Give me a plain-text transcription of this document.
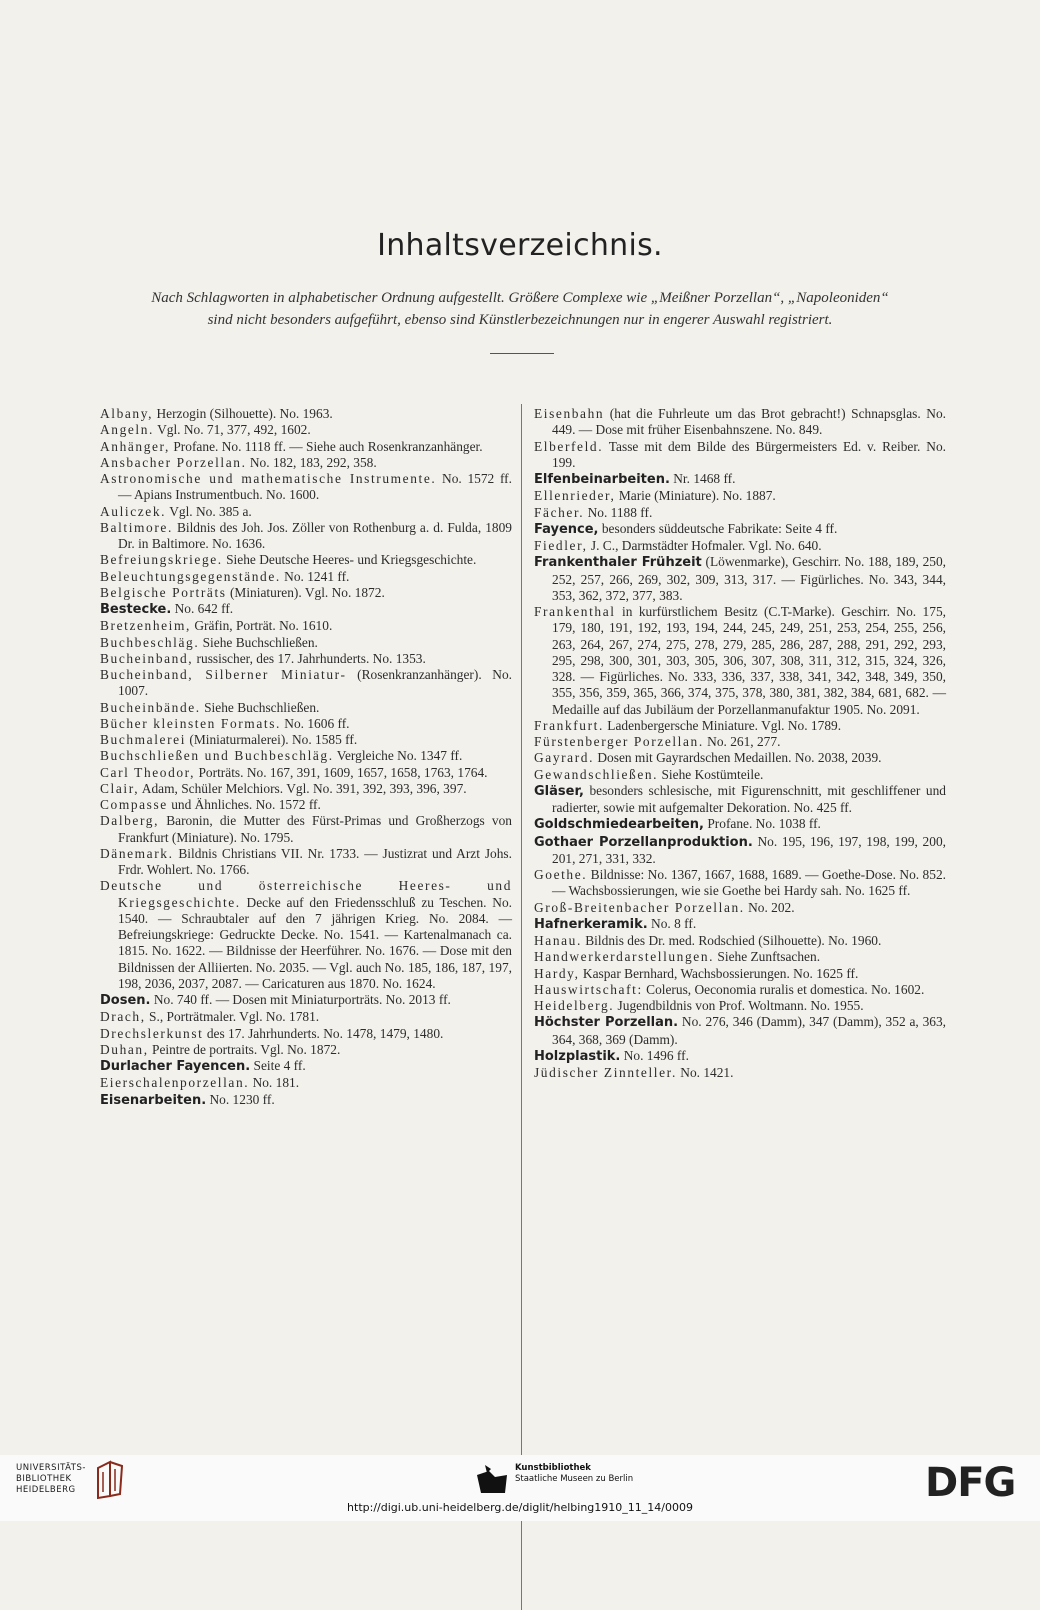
Inhaltsverzeichnis.
Nach Schlagworten in alphabetischer Ordnung aufgestellt. Größere Complexe wie „Meißner Porzellan“, „Napoleoniden“
sind nicht besonders aufgeführt, ebenso sind Künstlerbezeichnungen nur in engerer Auswahl registriert.
Albany, Herzogin (Silhouette). No. 1963.
Angeln. Vgl. No. 71, 377, 492, 1602.
Anhänger, Profane. No. 1118 ff. — Siehe auch Rosenkranzanhänger.
Ansbacher Porzellan. No. 182, 183, 292, 358.
Astronomische und mathematische Instrumente. No. 1572 ff. — Apians Instrumentbuch. No. 1600.
Auliczek. Vgl. No. 385 a.
Baltimore. Bildnis des Joh. Jos. Zöller von Rothenburg a. d. Fulda, 1809 Dr. in Baltimore. No. 1636.
Befreiungskriege. Siehe Deutsche Heeres- und Kriegsgeschichte.
Beleuchtungsgegenstände. No. 1241 ff.
Belgische Porträts (Miniaturen). Vgl. No. 1872.
Bestecke. No. 642 ff.
Bretzenheim, Gräfin, Porträt. No. 1610.
Buchbeschläg. Siehe Buchschließen.
Bucheinband, russischer, des 17. Jahrhunderts. No. 1353.
Bucheinband, Silberner Miniatur- (Rosenkranzanhänger). No. 1007.
Bucheinbände. Siehe Buchschließen.
Bücher kleinsten Formats. No. 1606 ff.
Buchmalerei (Miniaturmalerei). No. 1585 ff.
Buchschließen und Buchbeschläg. Vergleiche No. 1347 ff.
Carl Theodor, Porträts. No. 167, 391, 1609, 1657, 1658, 1763, 1764.
Clair, Adam, Schüler Melchiors. Vgl. No. 391, 392, 393, 396, 397.
Compasse und Ähnliches. No. 1572 ff.
Dalberg, Baronin, die Mutter des Fürst-Primas und Großherzogs von Frankfurt (Miniature). No. 1795.
Dänemark. Bildnis Christians VII. Nr. 1733. — Justizrat und Arzt Johs. Frdr. Wohlert. No. 1766.
Deutsche und österreichische Heeres- und Kriegsgeschichte. Decke auf den Friedensschluß zu Teschen. No. 1540. — Schraubtaler auf den 7 jährigen Krieg. No. 2084. — Befreiungskriege: Gedruckte Decke. No. 1541. — Kartenalmanach ca. 1815. No. 1622. — Bildnisse der Heerführer. No. 1676. — Dose mit den Bildnissen der Alliierten. No. 2035. — Vgl. auch No. 185, 186, 187, 197, 198, 2036, 2037, 2087. — Caricaturen aus 1870. No. 1624.
Dosen. No. 740 ff. — Dosen mit Miniaturporträts. No. 2013 ff.
Drach, S., Porträtmaler. Vgl. No. 1781.
Drechslerkunst des 17. Jahrhunderts. No. 1478, 1479, 1480.
Duhan, Peintre de portraits. Vgl. No. 1872.
Durlacher Fayencen. Seite 4 ff.
Eierschalenporzellan. No. 181.
Eisenarbeiten. No. 1230 ff.
Eisenbahn (hat die Fuhrleute um das Brot gebracht!) Schnapsglas. No. 449. — Dose mit früher Eisenbahnszene. No. 849.
Elberfeld. Tasse mit dem Bilde des Bürgermeisters Ed. v. Reiber. No. 199.
Elfenbeinarbeiten. Nr. 1468 ff.
Ellenrieder, Marie (Miniature). No. 1887.
Fächer. No. 1188 ff.
Fayence, besonders süddeutsche Fabrikate: Seite 4 ff.
Fiedler, J. C., Darmstädter Hofmaler. Vgl. No. 640.
Frankenthaler Frühzeit (Löwenmarke), Geschirr. No. 188, 189, 250, 252, 257, 266, 269, 302, 309, 313, 317. — Figürliches. No. 343, 344, 353, 362, 372, 377, 383.
Frankenthal in kurfürstlichem Besitz (C.T-Marke). Geschirr. No. 175, 179, 180, 191, 192, 193, 194, 244, 245, 249, 251, 253, 254, 255, 256, 263, 264, 267, 274, 275, 278, 279, 285, 286, 287, 288, 291, 292, 293, 295, 298, 300, 301, 303, 305, 306, 307, 308, 311, 312, 315, 324, 326, 328. — Figürliches. No. 333, 336, 337, 338, 341, 342, 348, 349, 350, 355, 356, 359, 365, 366, 374, 375, 378, 380, 381, 382, 384, 681, 682. — Medaille auf das Jubiläum der Porzellanmanufaktur 1905. No. 2091.
Frankfurt. Ladenbergersche Miniature. Vgl. No. 1789.
Fürstenberger Porzellan. No. 261, 277.
Gayrard. Dosen mit Gayrardschen Medaillen. No. 2038, 2039.
Gewandschließen. Siehe Kostümteile.
Gläser, besonders schlesische, mit Figurenschnitt, mit geschliffener und radierter, sowie mit aufgemalter Dekoration. No. 425 ff.
Goldschmiedearbeiten, Profane. No. 1038 ff.
Gothaer Porzellanproduktion. No. 195, 196, 197, 198, 199, 200, 201, 271, 331, 332.
Goethe. Bildnisse: No. 1367, 1667, 1688, 1689. — Goethe-Dose. No. 852. — Wachsbossierungen, wie sie Goethe bei Hardy sah. No. 1625 ff.
Groß-Breitenbacher Porzellan. No. 202.
Hafnerkeramik. No. 8 ff.
Hanau. Bildnis des Dr. med. Rodschied (Silhouette). No. 1960.
Handwerkerdarstellungen. Siehe Zunftsachen.
Hardy, Kaspar Bernhard, Wachsbossierungen. No. 1625 ff.
Hauswirtschaft: Colerus, Oeconomia ruralis et domestica. No. 1602.
Heidelberg. Jugendbildnis von Prof. Woltmann. No. 1955.
Höchster Porzellan. No. 276, 346 (Damm), 347 (Damm), 352 a, 363, 364, 368, 369 (Damm).
Holzplastik. No. 1496 ff.
Jüdischer Zinnteller. No. 1421.
UNIVERSITÄTS-
BIBLIOTHEK
HEIDELBERG
Kunstbibliothek
Staatliche Museen zu Berlin	DFG
http://digi.ub.uni-heidelberg.de/diglit/helbing1910_11_14/0009
